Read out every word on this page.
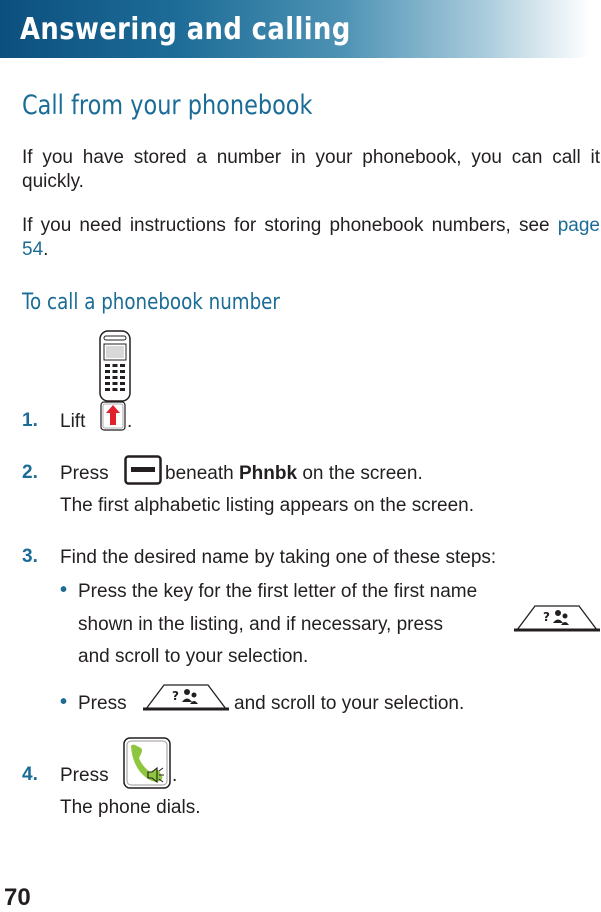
Answering and calling
Call from your phonebook
If you have stored a number in your phonebook, you can call it quickly.
If you need instructions for storing phonebook numbers, see page 54.
To call a phonebook number
1. Lift .
2. Press	beneath Phnbk on the screen.
The first alphabetic listing appears on the screen.
3. Find the desired name by taking one of these steps:
• Press the key for the first letter of the first name
shown in the listing, and if necessary, press	?
and scroll to your selection.
• Press	?	and scroll to your selection.
4. Press	.
The phone dials.
70
